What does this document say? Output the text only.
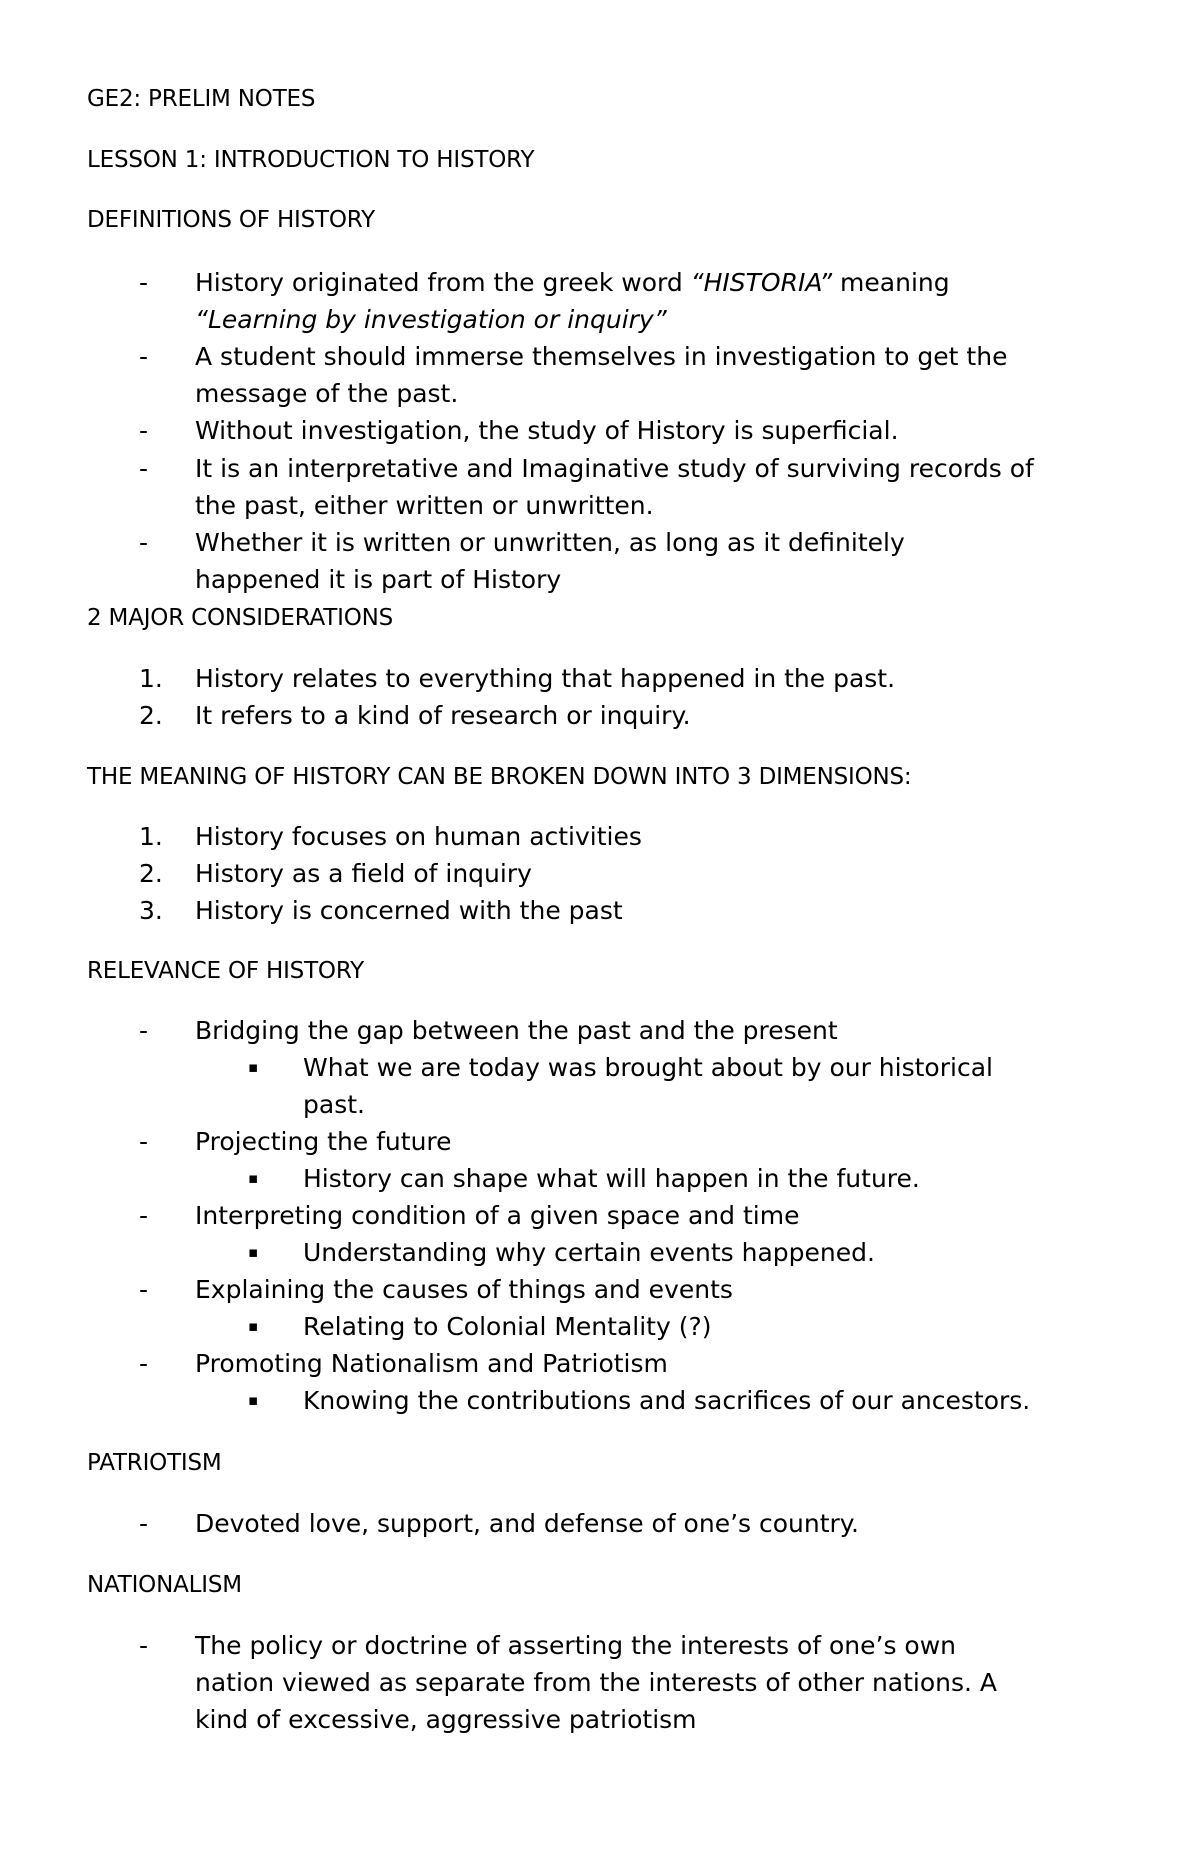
GE2: PRELIM NOTES
LESSON 1: INTRODUCTION TO HISTORY
DEFINITIONS OF HISTORY
- History originated from the greek word “HISTORIA” meaning
“Learning by investigation or inquiry”
- A student should immerse themselves in investigation to get the
message of the past.
- Without investigation, the study of History is superficial.
- It is an interpretative and Imaginative study of surviving records of
the past, either written or unwritten.
- Whether it is written or unwritten, as long as it definitely
happened it is part of History
2 MAJOR CONSIDERATIONS
1. History relates to everything that happened in the past.
2. It refers to a kind of research or inquiry.
THE MEANING OF HISTORY CAN BE BROKEN DOWN INTO 3 DIMENSIONS:
1. History focuses on human activities
2. History as a field of inquiry
3. History is concerned with the past
RELEVANCE OF HISTORY
- Bridging the gap between the past and the present
▪ What we are today was brought about by our historical
past.
- Projecting the future
▪ History can shape what will happen in the future.
- Interpreting condition of a given space and time
▪ Understanding why certain events happened.
- Explaining the causes of things and events
▪ Relating to Colonial Mentality (?)
- Promoting Nationalism and Patriotism
▪ Knowing the contributions and sacrifices of our ancestors.
PATRIOTISM
- Devoted love, support, and defense of one’s country.
NATIONALISM
- The policy or doctrine of asserting the interests of one’s own
nation viewed as separate from the interests of other nations. A
kind of excessive, aggressive patriotism
